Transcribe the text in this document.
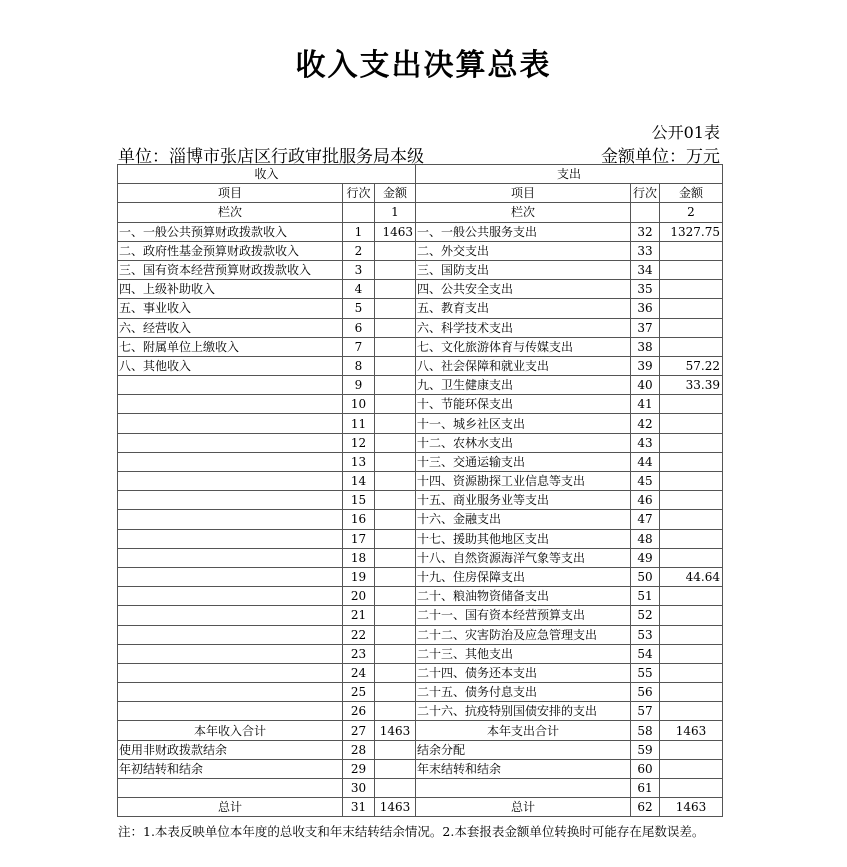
收入支出决算总表
公开01表
单位：淄博市张店区行政审批服务局本级	金额单位：万元
收入			支出		
项目	行次	金额	项目	行次	金额
栏次		1	栏次		2
一、一般公共预算财政拨款收入	1	1463	一、一般公共服务支出	32	1327.75
二、政府性基金预算财政拨款收入	2		二、外交支出	33	
三、国有资本经营预算财政拨款收入	3		三、国防支出	34	
四、上级补助收入	4		四、公共安全支出	35	
五、事业收入	5		五、教育支出	36	
六、经营收入	6		六、科学技术支出	37	
七、附属单位上缴收入	7		七、文化旅游体育与传媒支出	38	
八、其他收入	8		八、社会保障和就业支出	39	57.22
	9		九、卫生健康支出	40	33.39
	10		十、节能环保支出	41	
	11		十一、城乡社区支出	42	
	12		十二、农林水支出	43	
	13		十三、交通运输支出	44	
	14		十四、资源勘探工业信息等支出	45	
	15		十五、商业服务业等支出	46	
	16		十六、金融支出	47	
	17		十七、援助其他地区支出	48	
	18		十八、自然资源海洋气象等支出	49	
	19		十九、住房保障支出	50	44.64
	20		二十、粮油物资储备支出	51	
	21		二十一、国有资本经营预算支出	52	
	22		二十二、灾害防治及应急管理支出	53	
	23		二十三、其他支出	54	
	24		二十四、债务还本支出	55	
	25		二十五、债务付息支出	56	
	26		二十六、抗疫特别国债安排的支出	57	
本年收入合计	27	1463	本年支出合计	58	1463
使用非财政拨款结余	28		结余分配	59	
年初结转和结余	29		年末结转和结余	60	
	30			61	
总计	31	1463	总计	62	1463
注：1.本表反映单位本年度的总收支和年末结转结余情况。2.本套报表金额单位转换时可能存在尾数误差。
